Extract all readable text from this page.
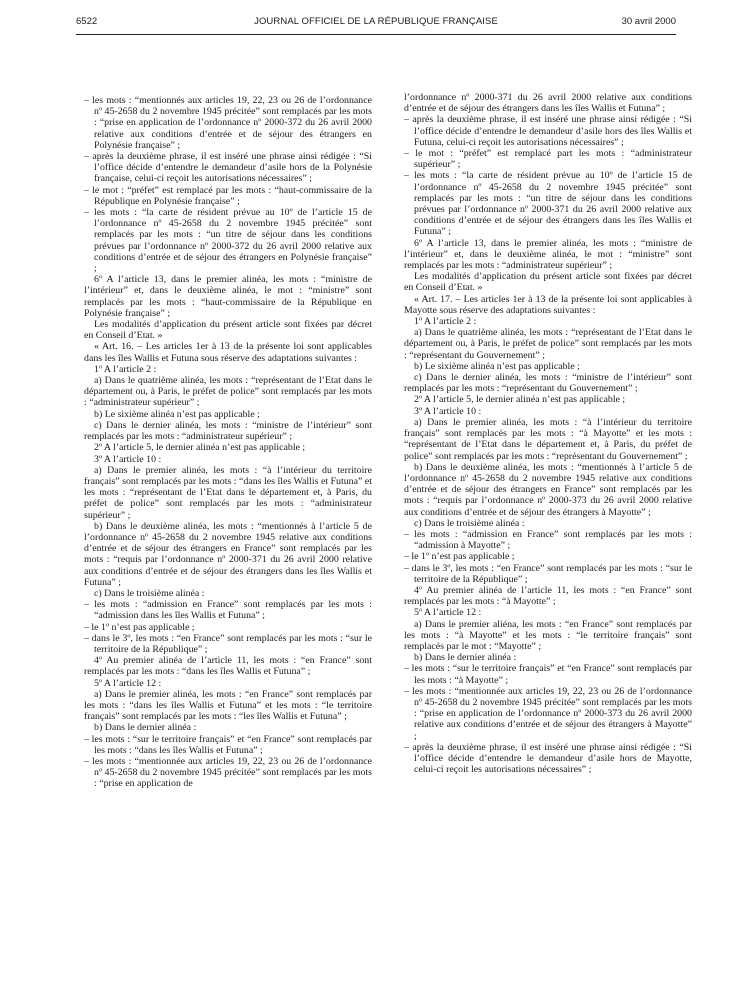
6522	JOURNAL OFFICIEL DE LA RÉPUBLIQUE FRANÇAISE	30 avril 2000

– les mots : “mentionnés aux articles 19, 22, 23 ou 26 de l’ordonnance nº 45-2658 du 2 novembre 1945 précitée” sont remplacés par les mots : “prise en application de l’ordonnance nº 2000-372 du 26 avril 2000 relative aux conditions d’entrée et de séjour des étrangers en Polynésie française” ;

– après la deuxième phrase, il est inséré une phrase ainsi rédigée : “Si l’office décide d’entendre le demandeur d’asile hors de la Polynésie française, celui-ci reçoit les autorisations nécessaires” ;

– le mot : “préfet” est remplacé par les mots : “haut-commissaire de la République en Polynésie française” ;

– les mots : “la carte de résident prévue au 10º de l’article 15 de l’ordonnance nº 45-2658 du 2 novembre 1945 précitée” sont remplacés par les mots : “un titre de séjour dans les conditions prévues par l’ordonnance nº 2000-372 du 26 avril 2000 relative aux conditions d’entrée et de séjour des étrangers en Polynésie française” ;

6º A l’article 13, dans le premier alinéa, les mots : “ministre de l’intérieur” et, dans le deuxième alinéa, le mot : “ministre” sont remplacés par les mots : “haut-commissaire de la République en Polynésie française” ;

Les modalités d’application du présent article sont fixées par décret en Conseil d’Etat. »

« Art. 16. – Les articles 1er à 13 de la présente loi sont applicables dans les îles Wallis et Futuna sous réserve des adaptations suivantes :

1º A l’article 2 :

a) Dans le quatrième alinéa, les mots : “représentant de l’Etat dans le département ou, à Paris, le préfet de police” sont remplacés par les mots : “administrateur supérieur” ;

b) Le sixième alinéa n’est pas applicable ;

c) Dans le dernier alinéa, les mots : “ministre de l’intérieur” sont remplacés par les mots : “administrateur supérieur” ;

2º A l’article 5, le dernier alinéa n’est pas applicable ;

3º A l’article 10 :

a) Dans le premier alinéa, les mots : “à l’intérieur du territoire français” sont remplacés par les mots : “dans les îles Wallis et Futuna” et les mots : “représentant de l’Etat dans le département et, à Paris, du préfet de police” sont remplacés par les mots : “administrateur supérieur” ;

b) Dans le deuxième alinéa, les mots : “mentionnés à l’article 5 de l’ordonnance nº 45-2658 du 2 novembre 1945 relative aux conditions d’entrée et de séjour des étrangers en France” sont remplacés par les mots : “requis par l’ordonnance nº 2000-371 du 26 avril 2000 relative aux conditions d’entrée et de séjour des étrangers dans les îles Wallis et Futuna” ;

c) Dans le troisième alinéa :

– les mots : “admission en France” sont remplacés par les mots : “admission dans les îles Wallis et Futuna” ;

– le 1º n’est pas applicable ;

– dans le 3º, les mots : “en France” sont remplacés par les mots : “sur le territoire de la République” ;

4º Au premier alinéa de l’article 11, les mots : “en France” sont remplacés par les mots : “dans les îles Wallis et Futuna” ;

5º A l’article 12 :

a) Dans le premier alinéa, les mots : “en France” sont remplacés par les mots : “dans les îles Wallis et Futuna” et les mots : “le territoire français” sont remplacés par les mots : “les îles Wallis et Futuna” ;

b) Dans le dernier alinéa :

– les mots : “sur le territoire français” et “en France” sont remplacés par les mots : “dans les îles Wallis et Futuna” ;

– les mots : “mentionnée aux articles 19, 22, 23 ou 26 de l’ordonnance nº 45-2658 du 2 novembre 1945 précitée” sont remplacés par les mots : “prise en application de

l’ordonnance nº 2000-371 du 26 avril 2000 relative aux conditions d’entrée et de séjour des étrangers dans les îles Wallis et Futuna” ;

– après la deuxième phrase, il est inséré une phrase ainsi rédigée : “Si l’office décide d’entendre le demandeur d’asile hors des îles Wallis et Futuna, celui-ci reçoit les autorisations nécessaires” ;

– le mot : “préfet” est remplacé part les mots : “administrateur supérieur” ;

– les mots : “la carte de résident prévue au 10º de l’article 15 de l’ordonnance nº 45-2658 du 2 novembre 1945 précitée” sont remplacés par les mots : “un titre de séjour dans les conditions prévues par l’ordonnance nº 2000-371 du 26 avril 2000 relative aux conditions d’entrée et de séjour des étrangers dans les îles Wallis et Futuna” ;

6º A l’article 13, dans le premier alinéa, les mots : “ministre de l’intérieur” et, dans le deuxième alinéa, le mot : “ministre” sont remplacés par les mots : “administrateur supérieur” ;

Les modalités d’application du présent article sont fixées par décret en Conseil d’Etat. »

« Art. 17. – Les articles 1er à 13 de la présente loi sont applicables à Mayotte sous réserve des adaptations suivantes :

1º A l’article 2 :

a) Dans le quatrième alinéa, les mots : “représentant de l’Etat dans le département ou, à Paris, le préfet de police” sont remplacés par les mots : “représentant du Gouvernement” ;

b) Le sixième alinéa n’est pas applicable ;

c) Dans le dernier alinéa, les mots : “ministre de l’intérieur” sont remplacés par les mots : “représentant du Gouvernement” ;

2º A l’article 5, le dernier alinéa n’est pas applicable ;

3º A l’article 10 :

a) Dans le premier alinéa, les mots : “à l’intérieur du territoire français” sont remplacés par les mots : “à Mayotte” et les mots : “représentant de l’Etat dans le département et, à Paris, du préfet de police” sont remplacés par les mots : “représentant du Gouvernement” ;

b) Dans le deuxième alinéa, les mots : “mentionnés à l’article 5 de l’ordonnance nº 45-2658 du 2 novembre 1945 relative aux conditions d’entrée et de séjour des étrangers en France” sont remplacés par les mots : “requis par l’ordonnance nº 2000-373 du 26 avril 2000 relative aux conditions d’entrée et de séjour des étrangers à Mayotte” ;

c) Dans le troisième alinéa :

– les mots : “admission en France” sont remplacés par les mots : “admission à Mayotte” ;

– le 1º n’est pas applicable ;

– dans le 3º, les mots : “en France” sont remplacés par les mots : “sur le territoire de la République” ;

4º Au premier alinéa de l’article 11, les mots : “en France” sont remplacés par les mots : “à Mayotte” ;

5º A l’article 12 :

a) Dans le premier aliéna, les mots : “en France” sont remplacés par les mots : “à Mayotte” et les mots : “le territoire français” sont remplacés par le mot : “Mayotte” ;

b) Dans le dernier alinéa :

– les mots : “sur le territoire français” et “en France” sont remplacés par les mots : “à Mayotte” ;

– les mots : “mentionnée aux articles 19, 22, 23 ou 26 de l’ordonnance nº 45-2658 du 2 novembre 1945 précitée” sont remplacés par les mots : “prise en application de l’ordonnance nº 2000-373 du 26 avril 2000 relative aux conditions d’entrée et de séjour des étrangers à Mayotte” ;

– après la deuxième phrase, il est inséré une phrase ainsi rédigée : “Si l’office décide d’entendre le demandeur d’asile hors de Mayotte, celui-ci reçoit les autorisations nécessaires” ;
